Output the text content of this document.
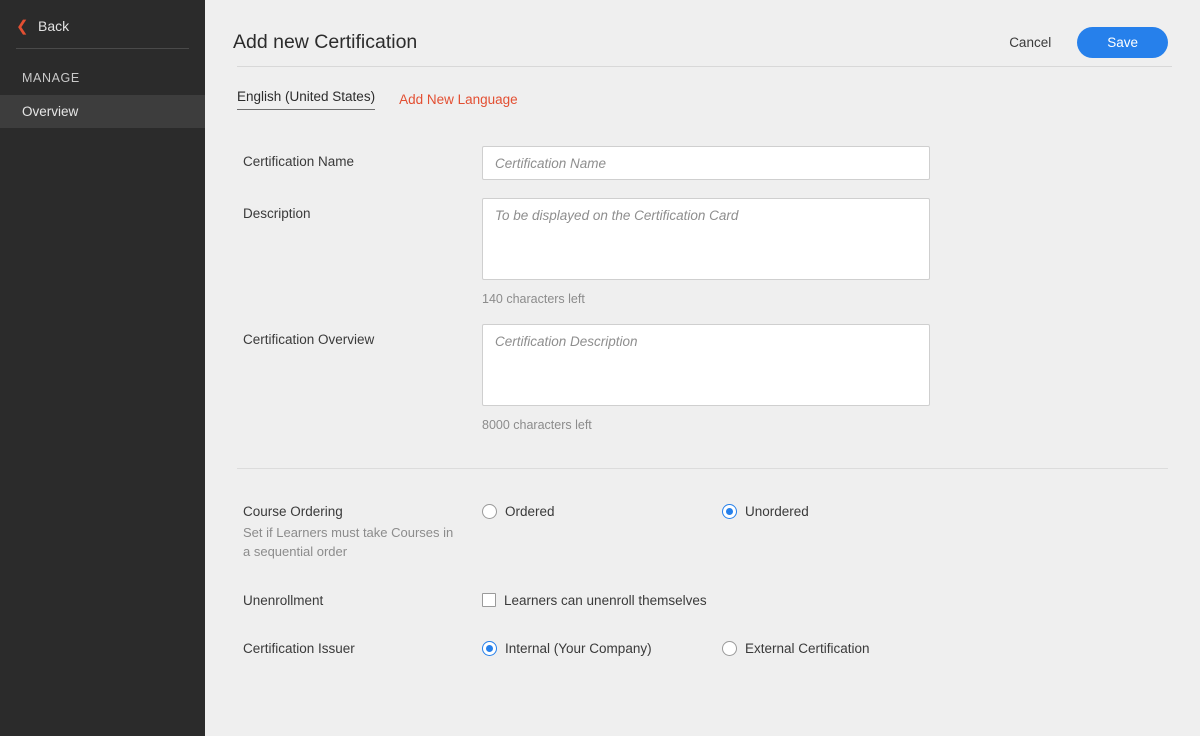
❮ Back
MANAGE
Overview
Add new Certification	Cancel	Save
English (United States) Add New Language
Certification Name
Certification Name
Description
To be displayed on the Certification Card
140 characters left
Certification Overview
Certification Description
8000 characters left
Course Ordering
Set if Learners must take Courses in a sequential order
Ordered	Unordered
Unenrollment	Learners can unenroll themselves
Certification Issuer	Internal (Your Company)	External Certification
